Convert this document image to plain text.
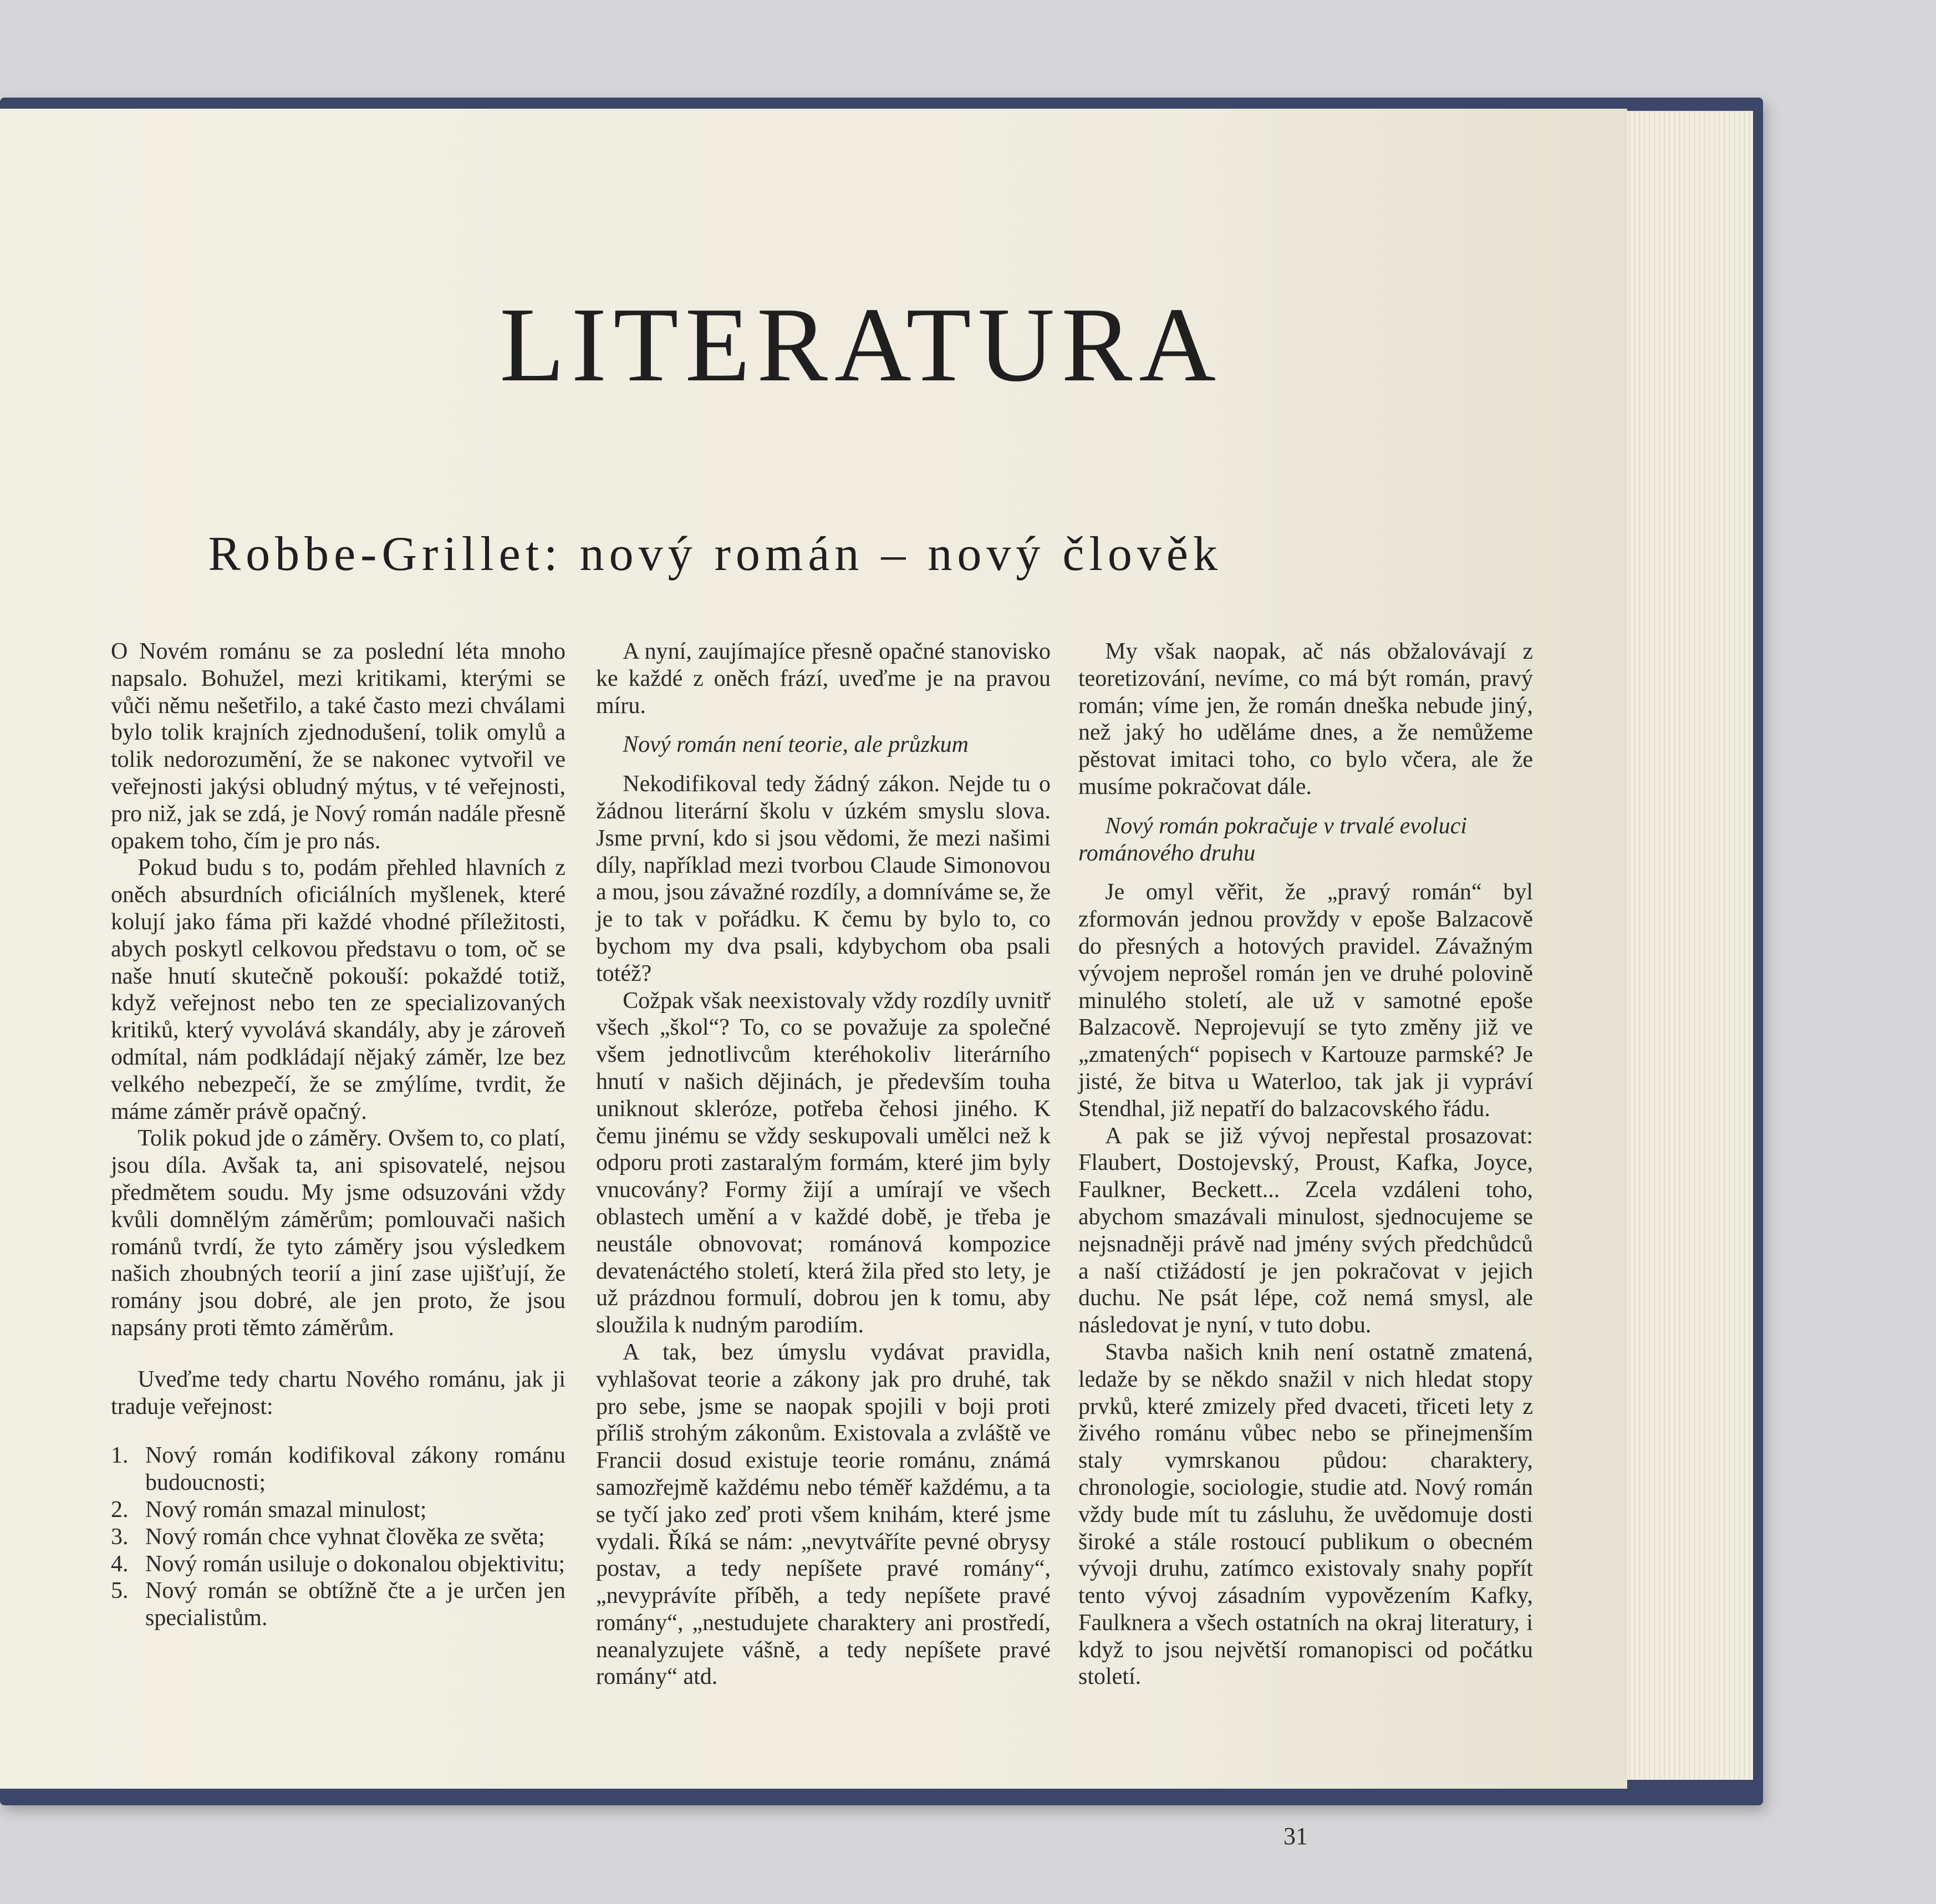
LITERATURA
Robbe-Grillet: nový román – nový člověk

O Novém románu se za poslední léta mnoho napsalo. Bohužel, mezi kritikami, kterými se vůči němu nešetřilo, a také často mezi chválami bylo tolik krajních zjednodušení, tolik omylů a tolik nedorozumění, že se nakonec vytvořil ve veřejnosti jakýsi obludný mýtus, v té veřejnosti, pro niž, jak se zdá, je Nový román nadále přesně opakem toho, čím je pro nás.

Pokud budu s to, podám přehled hlavních z oněch absurdních oficiálních myšlenek, které kolují jako fáma při každé vhodné příležitosti, abych poskytl celkovou představu o tom, oč se naše hnutí skutečně pokouší: pokaždé totiž, když veřejnost nebo ten ze specializovaných kritiků, který vyvolává skandály, aby je zároveň odmítal, nám podkládají nějaký záměr, lze bez velkého nebezpečí, že se zmýlíme, tvrdit, že máme záměr právě opačný.

Tolik pokud jde o záměry. Ovšem to, co platí, jsou díla. Avšak ta, ani spisovatelé, nejsou předmětem soudu. My jsme odsuzováni vždy kvůli domnělým záměrům; pomlouvači našich románů tvrdí, že tyto záměry jsou výsledkem našich zhoubných teorií a jiní zase ujišťují, že romány jsou dobré, ale jen proto, že jsou napsány proti těmto záměrům.

Uveďme tedy chartu Nového románu, jak ji traduje veřejnost:

1. Nový román kodifikoval zákony románu budoucnosti;
2. Nový román smazal minulost;
3. Nový román chce vyhnat člověka ze světa;
4. Nový román usiluje o dokonalou objektivitu;
5. Nový román se obtížně čte a je určen jen specialistům.

A nyní, zaujímajíce přesně opačné stanovisko ke každé z oněch frází, uveďme je na pravou míru.

Nový román není teorie, ale průzkum

Nekodifikoval tedy žádný zákon. Nejde tu o žádnou literární školu v úzkém smyslu slova. Jsme první, kdo si jsou vědomi, že mezi našimi díly, například mezi tvorbou Claude Simonovou a mou, jsou závažné rozdíly, a domníváme se, že je to tak v pořádku. K čemu by bylo to, co bychom my dva psali, kdybychom oba psali totéž?

Cožpak však neexistovaly vždy rozdíly uvnitř všech „škol“? To, co se považuje za společné všem jednotlivcům kteréhokoliv literárního hnutí v našich dějinách, je především touha uniknout skleróze, potřeba čehosi jiného. K čemu jinému se vždy seskupovali umělci než k odporu proti zastaralým formám, které jim byly vnucovány? Formy žijí a umírají ve všech oblastech umění a v každé době, je třeba je neustále obnovovat; románová kompozice devatenáctého století, která žila před sto lety, je už prázdnou formulí, dobrou jen k tomu, aby sloužila k nudným parodiím.

A tak, bez úmyslu vydávat pravidla, vyhlašovat teorie a zákony jak pro druhé, tak pro sebe, jsme se naopak spojili v boji proti příliš strohým zákonům. Existovala a zvláště ve Francii dosud existuje teorie románu, známá samozřejmě každému nebo téměř každému, a ta se tyčí jako zeď proti všem knihám, které jsme vydali. Říká se nám: „nevytváříte pevné obrysy postav, a tedy nepíšete pravé romány“, „nevyprávíte příběh, a tedy nepíšete pravé romány“, „nestudujete charaktery ani prostředí, neanalyzujete vášně, a tedy nepíšete pravé romány“ atd.

My však naopak, ač nás obžalovávají z teoretizování, nevíme, co má být román, pravý román; víme jen, že román dneška nebude jiný, než jaký ho uděláme dnes, a že nemůžeme pěstovat imitaci toho, co bylo včera, ale že musíme pokračovat dále.

Nový román pokračuje v trvalé evoluci románového druhu

Je omyl věřit, že „pravý román“ byl zformován jednou provždy v epoše Balzacově do přesných a hotových pravidel. Závažným vývojem neprošel román jen ve druhé polovině minulého století, ale už v samotné epoše Balzacově. Neprojevují se tyto změny již ve „zmatených“ popisech v Kartouze parmské? Je jisté, že bitva u Waterloo, tak jak ji vypráví Stendhal, již nepatří do balzacovského řádu.

A pak se již vývoj nepřestal prosazovat: Flaubert, Dostojevský, Proust, Kafka, Joyce, Faulkner, Beckett... Zcela vzdáleni toho, abychom smazávali minulost, sjednocujeme se nejsnadněji právě nad jmény svých předchůdců a naší ctižádostí je jen pokračovat v jejich duchu. Ne psát lépe, což nemá smysl, ale následovat je nyní, v tuto dobu.

Stavba našich knih není ostatně zmatená, ledaže by se někdo snažil v nich hledat stopy prvků, které zmizely před dvaceti, třiceti lety z živého románu vůbec nebo se přinejmenším staly vymrskanou půdou: charaktery, chronologie, sociologie, studie atd. Nový román vždy bude mít tu zásluhu, že uvědomuje dosti široké a stále rostoucí publikum o obecném vývoji druhu, zatímco existovaly snahy popřít tento vývoj zásadním vypovězením Kafky, Faulknera a všech ostatních na okraj literatury, i když to jsou největší romanopisci od počátku století.

31
